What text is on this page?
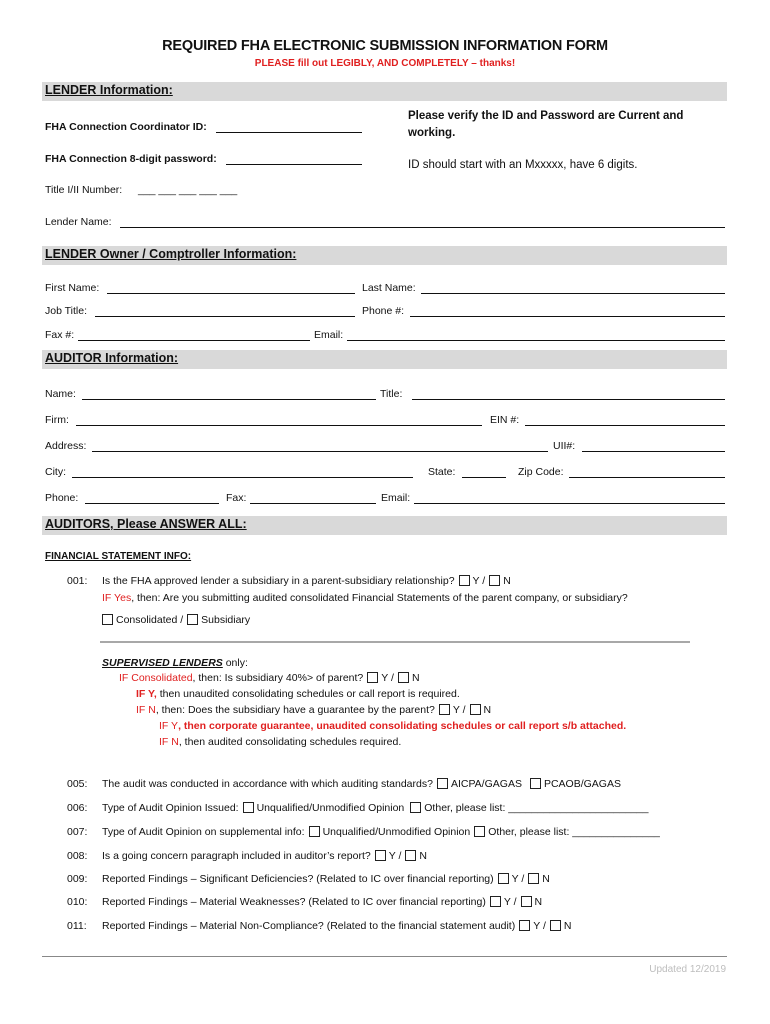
REQUIRED FHA ELECTRONIC SUBMISSION INFORMATION FORM
PLEASE fill out LEGIBLY, AND COMPLETELY – thanks!
LENDER Information:
FHA Connection Coordinator ID:
FHA Connection 8-digit password:
Please verify the ID and Password are Current and working.
ID should start with an Mxxxxx, have 6 digits.
Title I/II Number: ___ ___ ___ ___ ___
Lender Name:
LENDER Owner / Comptroller Information:
First Name:	Last Name:
Job Title:	Phone #:
Fax #:	Email:
AUDITOR Information:
Name:	Title:
Firm:	EIN #:
Address:	UII#:
City:	State:	Zip Code:
Phone:	Fax:	Email:
AUDITORS, Please ANSWER ALL:
FINANCIAL STATEMENT INFO:
001: Is the FHA approved lender a subsidiary in a parent-subsidiary relationship? Y / N
IF Yes, then: Are you submitting audited consolidated Financial Statements of the parent company, or subsidiary?
Consolidated / Subsidiary
SUPERVISED LENDERS only:
IF Consolidated, then: Is subsidiary 40%> of parent? Y / N
IF Y, then unaudited consolidating schedules or call report is required.
IF N, then: Does the subsidiary have a guarantee by the parent? Y / N
IF Y, then corporate guarantee, unaudited consolidating schedules or call report s/b attached.
IF N, then audited consolidating schedules required.
005: The audit was conducted in accordance with which auditing standards? AICPA/GAGAS PCAOB/GAGAS
006: Type of Audit Opinion Issued: Unqualified/Unmodified Opinion Other, please list: ________________________
007: Type of Audit Opinion on supplemental info: Unqualified/Unmodified Opinion Other, please list: _______________
008: Is a going concern paragraph included in auditor’s report? Y / N
009: Reported Findings – Significant Deficiencies? (Related to IC over financial reporting) Y / N
010: Reported Findings – Material Weaknesses? (Related to IC over financial reporting) Y / N
011: Reported Findings – Material Non-Compliance? (Related to the financial statement audit) Y / N
Updated 12/2019
